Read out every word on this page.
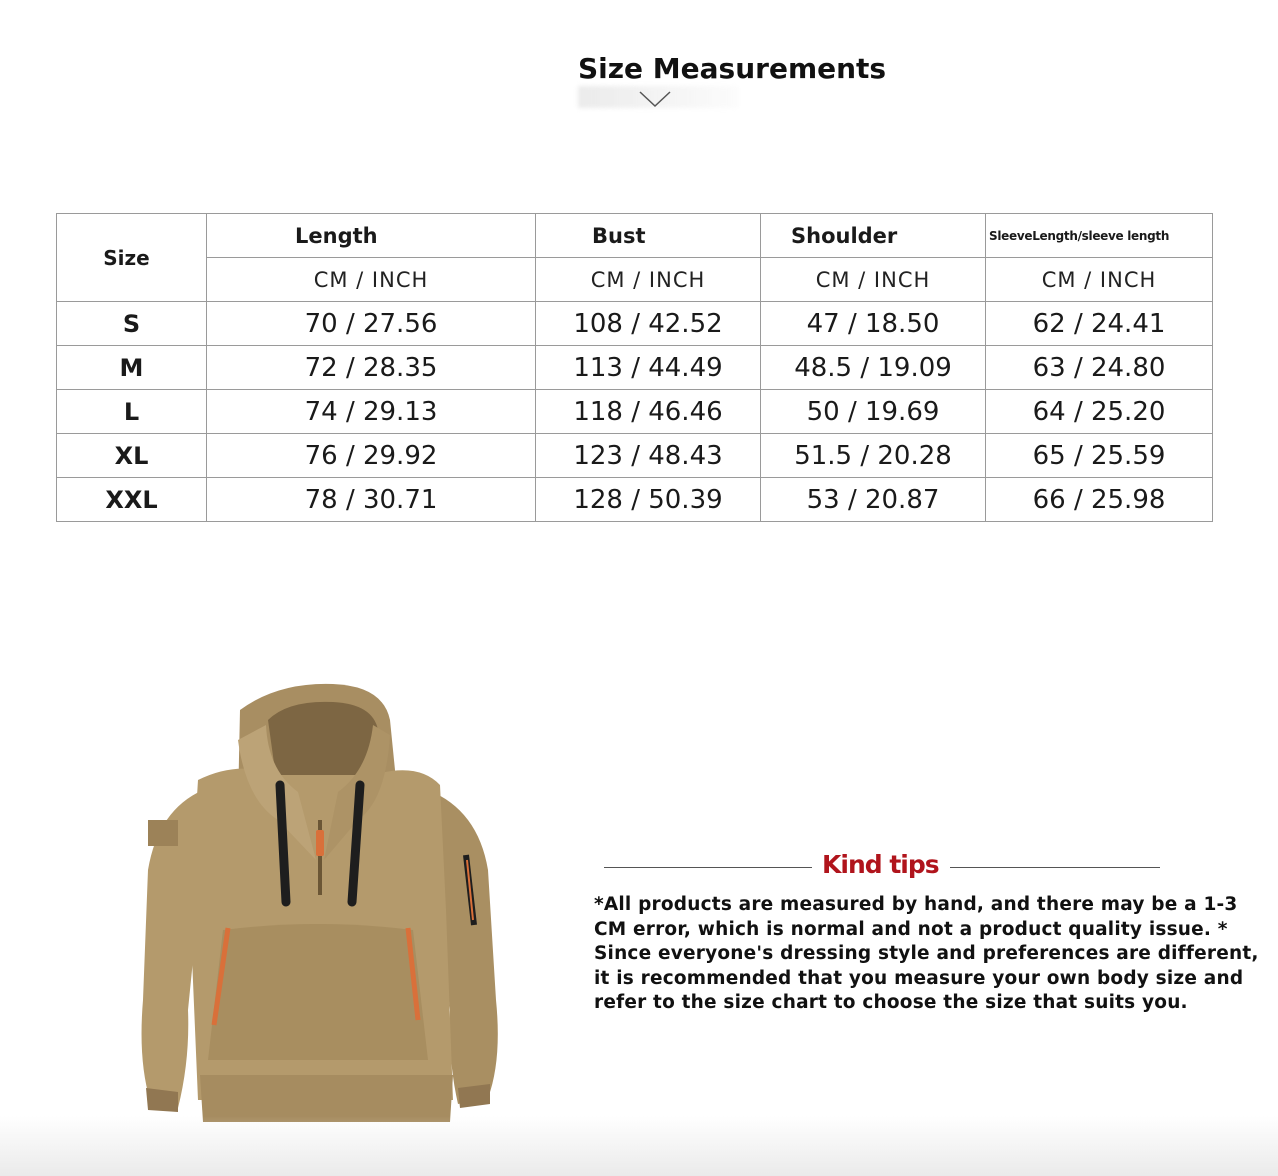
Size Measurements
Size	Length	Bust	Shoulder	SleeveLength/sleeve length
	CM / INCH	CM / INCH	CM / INCH	CM / INCH
S	70 / 27.56	108 / 42.52	47 / 18.50	62 / 24.41
M	72 / 28.35	113 / 44.49	48.5 / 19.09	63 / 24.80
L	74 / 29.13	118 / 46.46	50 / 19.69	64 / 25.20
XL	76 / 29.92	123 / 48.43	51.5 / 20.28	65 / 25.59
XXL	78 / 30.71	128 / 50.39	53 / 20.87	66 / 25.98
Kind tips
*All products are measured by hand, and there may be a 1-3
CM error, which is normal and not a product quality issue. *
Since everyone's dressing style and preferences are different,
it is recommended that you measure your own body size and
refer to the size chart to choose the size that suits you.
